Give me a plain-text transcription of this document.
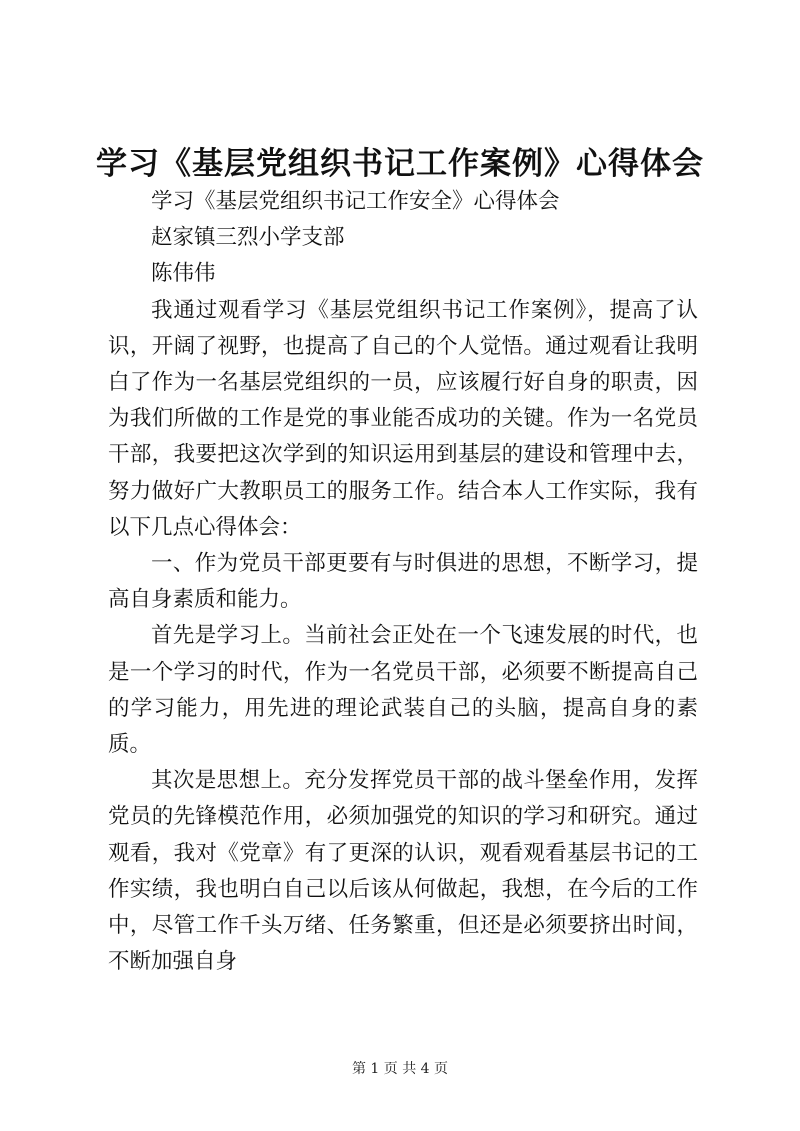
学习《基层党组织书记工作案例》心得体会

学习《基层党组织书记工作安全》心得体会

赵家镇三烈小学支部

陈伟伟

我通过观看学习《基层党组织书记工作案例》，提高了认识，开阔了视野，也提高了自己的个人觉悟。通过观看让我明白了作为一名基层党组织的一员，应该履行好自身的职责，因为我们所做的工作是党的事业能否成功的关键。作为一名党员干部，我要把这次学到的知识运用到基层的建设和管理中去，努力做好广大教职员工的服务工作。结合本人工作实际，我有以下几点心得体会：

一、作为党员干部更要有与时俱进的思想，不断学习，提高自身素质和能力。

首先是学习上。当前社会正处在一个飞速发展的时代，也是一个学习的时代，作为一名党员干部，必须要不断提高自己的学习能力，用先进的理论武装自己的头脑，提高自身的素质。

其次是思想上。充分发挥党员干部的战斗堡垒作用，发挥党员的先锋模范作用，必须加强党的知识的学习和研究。通过观看，我对《党章》有了更深的认识，观看观看基层书记的工作实绩，我也明白自己以后该从何做起，我想，在今后的工作中，尽管工作千头万绪、任务繁重，但还是必须要挤出时间，不断加强自身

第 1 页 共 4 页
